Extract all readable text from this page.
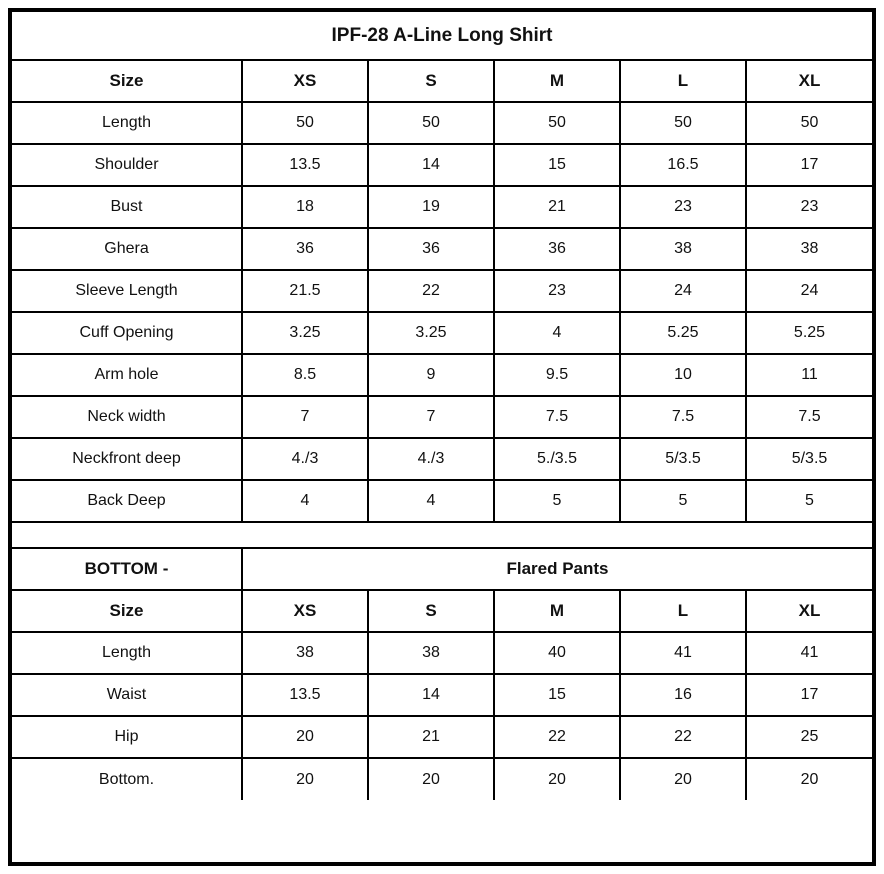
IPF-28 A-Line Long Shirt					
Size	XS	S	M	L	XL
Length	50	50	50	50	50
Shoulder	13.5	14	15	16.5	17
Bust	18	19	21	23	23
Ghera	36	36	36	38	38
Sleeve Length	21.5	22	23	24	24
Cuff Opening	3.25	3.25	4	5.25	5.25
Arm hole	8.5	9	9.5	10	11
Neck width	7	7	7.5	7.5	7.5
Neckfront deep	4./3	4./3	5./3.5	5/3.5	5/3.5
Back Deep	4	4	5	5	5

BOTTOM -	Flared Pants				
Size	XS	S	M	L	XL
Length	38	38	40	41	41
Waist	13.5	14	15	16	17
Hip	20	21	22	22	25
Bottom.	20	20	20	20	20
